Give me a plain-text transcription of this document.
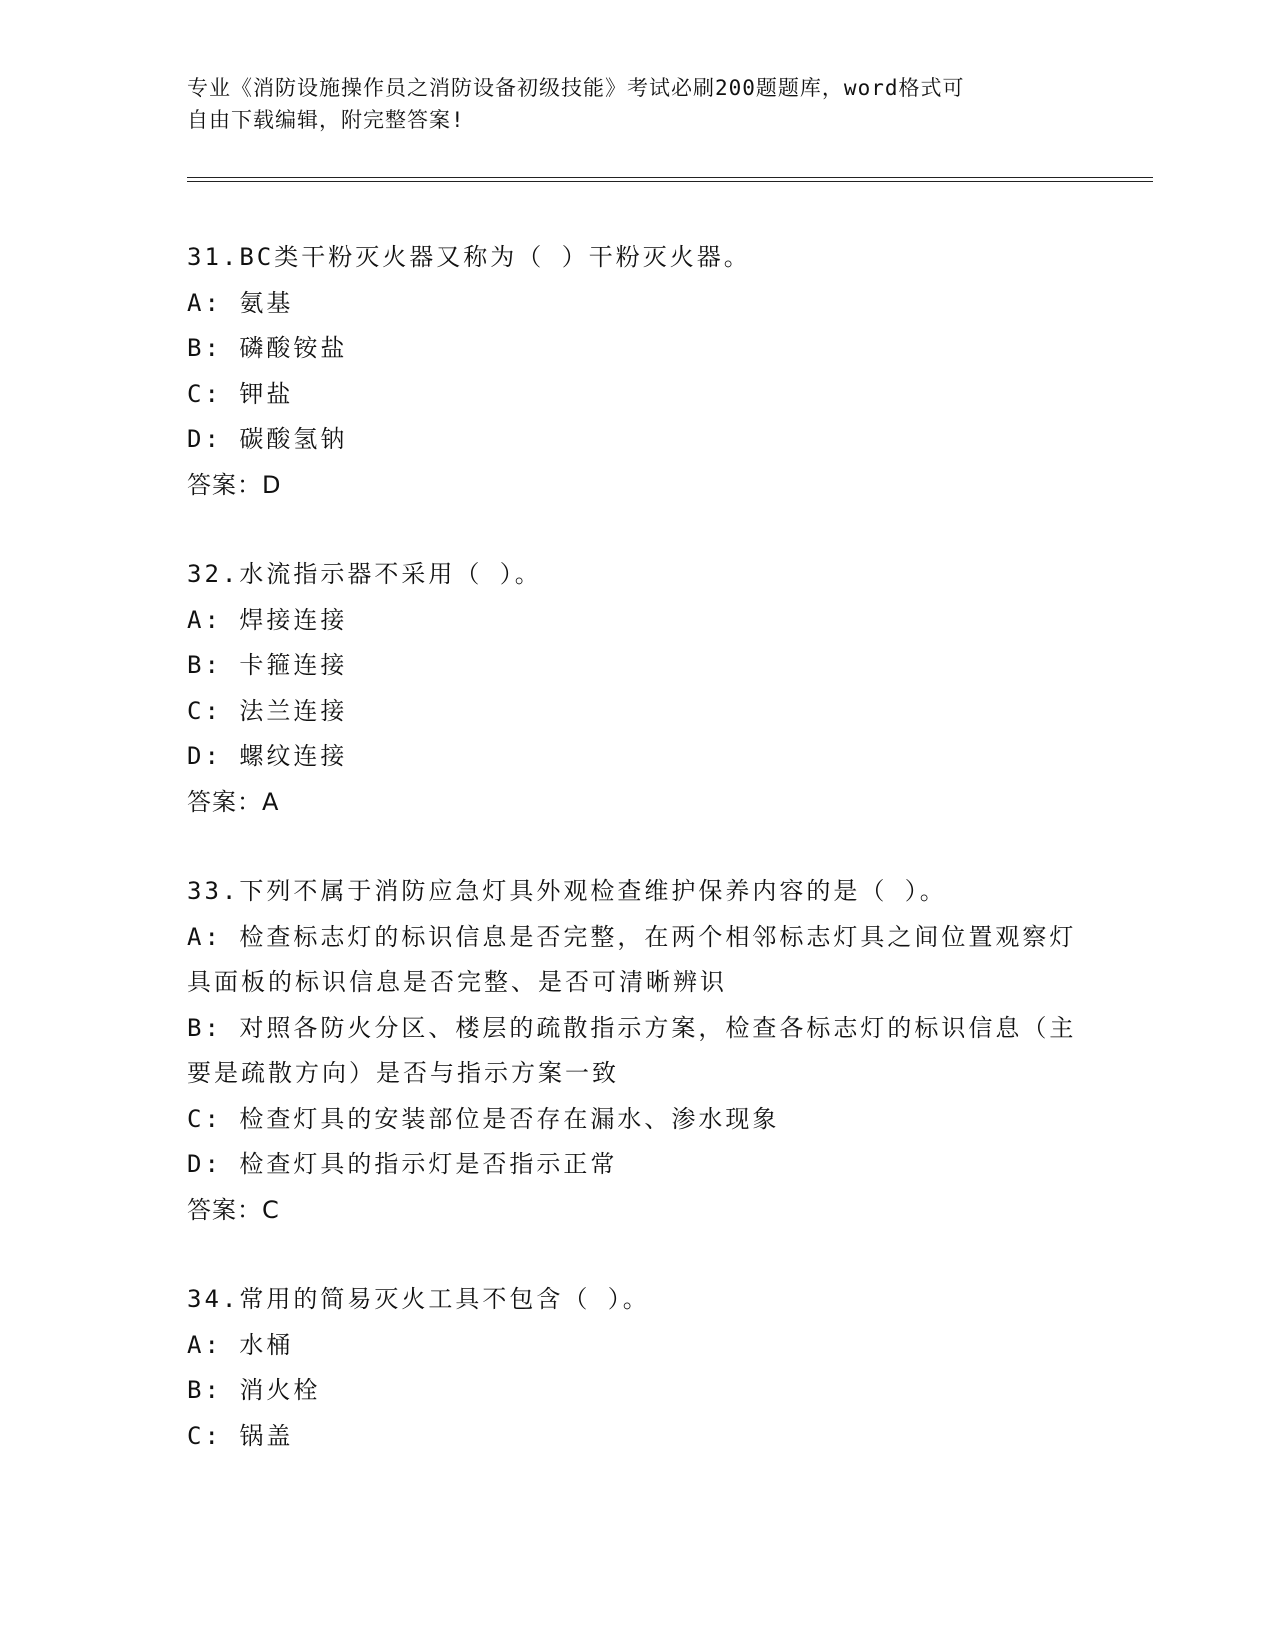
专业《消防设施操作员之消防设备初级技能》考试必刷200题题库，word格式可
自由下载编辑，附完整答案!
31.BC类干粉灭火器又称为（ ）干粉灭火器。
A: 氨基
B: 磷酸铵盐
C: 钾盐
D: 碳酸氢钠
答案：D
32.水流指示器不采用（ ）。
A: 焊接连接
B: 卡箍连接
C: 法兰连接
D: 螺纹连接
答案：A
33.下列不属于消防应急灯具外观检查维护保养内容的是（ ）。
A: 检查标志灯的标识信息是否完整，在两个相邻标志灯具之间位置观察灯具面板的标识信息是否完整、是否可清晰辨识
B: 对照各防火分区、楼层的疏散指示方案，检查各标志灯的标识信息（主要是疏散方向）是否与指示方案一致
C: 检查灯具的安装部位是否存在漏水、渗水现象
D: 检查灯具的指示灯是否指示正常
答案：C
34.常用的简易灭火工具不包含（ ）。
A: 水桶
B: 消火栓
C: 锅盖
